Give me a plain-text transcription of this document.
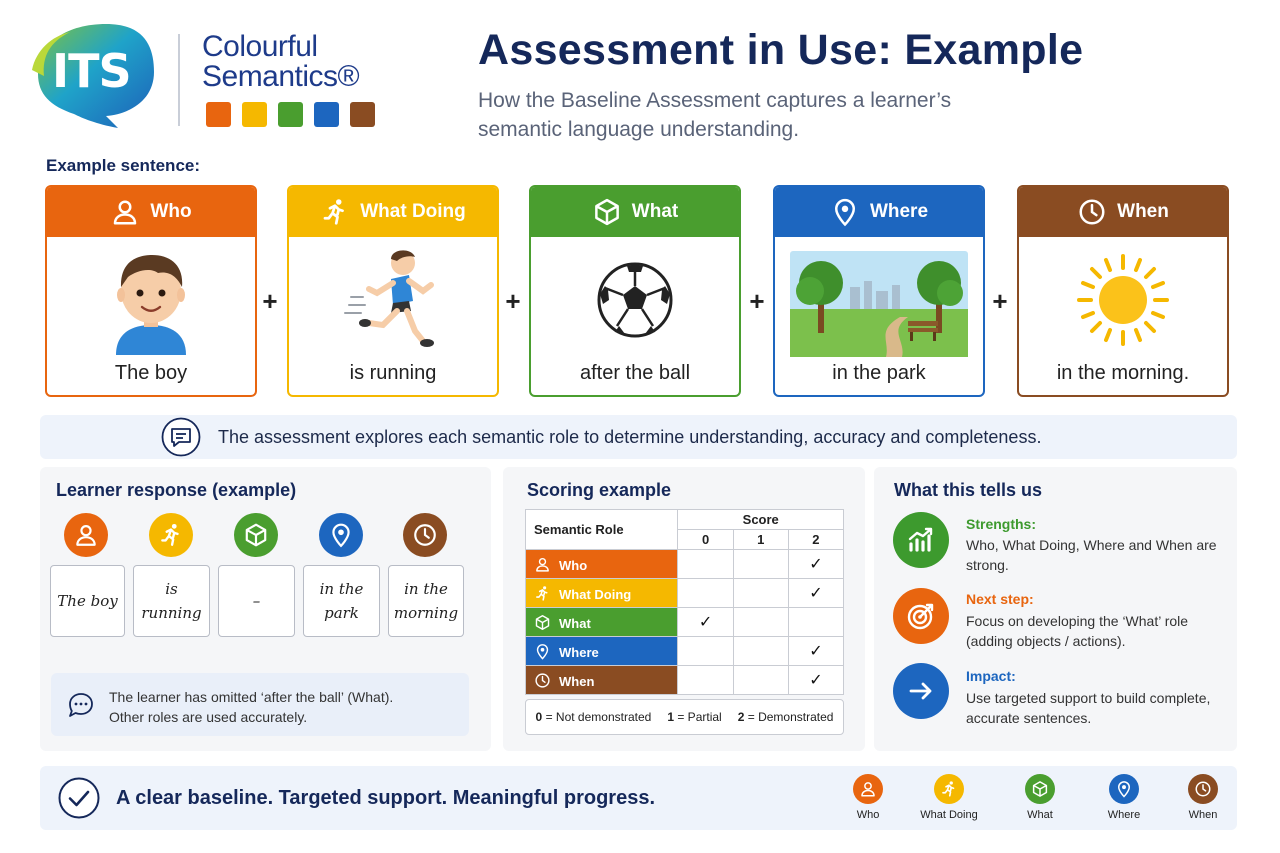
ITS Colourful
Semantics®
Assessment in Use: Example
How the Baseline Assessment captures a learner’s semantic language understanding.
Example sentence:
Who
The boy
+
What Doing
is running
+
What
after the ball
+
Where
in the park
+
When
in the morning.
The assessment explores each semantic role to determine understanding, accuracy and completeness.
Learner response (example)
The boy
is running
–
in the park
in the morning
The learner has omitted ‘after the ball’ (What).
Other roles are used accurately.
Scoring example
Semantic Role	Score		
	0	1	2
Who			✓
What Doing			✓
What	✓		
Where			✓
When			✓
0 = Not demonstrated 1 = Partial 2 = Demonstrated
What this tells us
Strengths:
Who, What Doing, Where and When are strong.
Next step:
Focus on developing the ‘What’ role (adding objects / actions).
Impact:
Use targeted support to build complete, accurate sentences.
A clear baseline. Targeted support. Meaningful progress.
Who	What Doing	What	Where	When
